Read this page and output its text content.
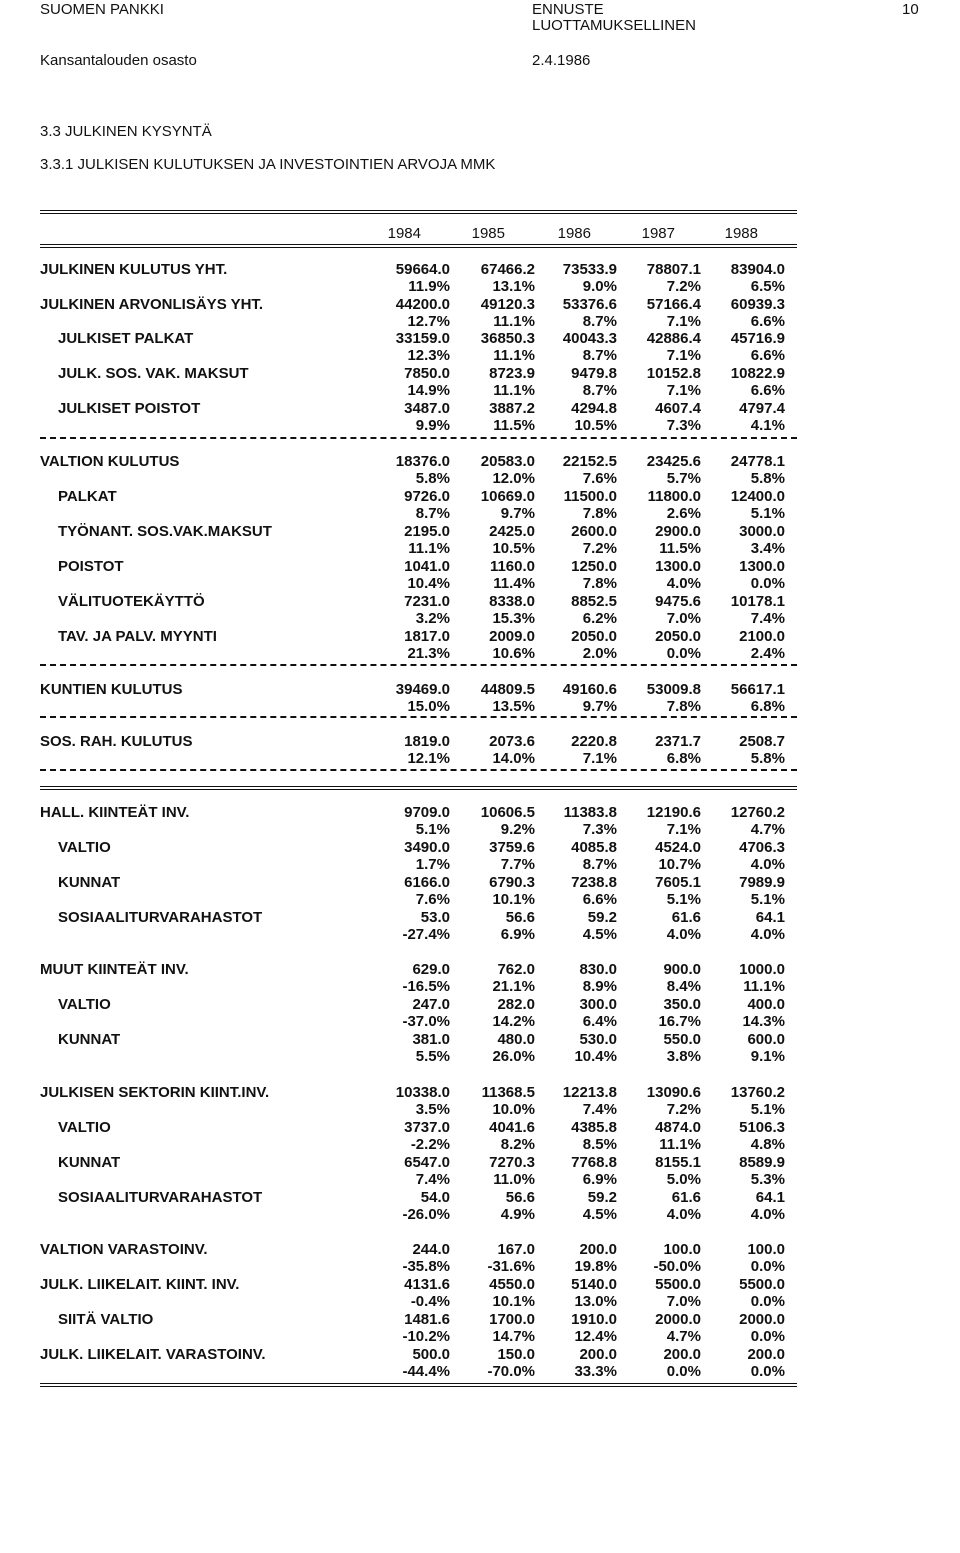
SUOMEN PANKKI	ENNUSTE
LUOTTAMUKSELLINEN
10
Kansantalouden osasto	2.4.1986
3.3 JULKINEN KYSYNTÄ
3.3.1 JULKISEN KULUTUKSEN JA INVESTOINTIEN ARVOJA MMK
1984	1985	1986	1987	1988
JULKINEN KULUTUS YHT.	59664.0	67466.2	73533.9	78807.1	83904.0
11.9%	13.1%	9.0%	7.2%	6.5%
JULKINEN ARVONLISÄYS YHT.	44200.0	49120.3	53376.6	57166.4	60939.3
12.7%	11.1%	8.7%	7.1%	6.6%
JULKISET PALKAT	33159.0	36850.3	40043.3	42886.4	45716.9
12.3%	11.1%	8.7%	7.1%	6.6%
JULK. SOS. VAK. MAKSUT	7850.0	8723.9	9479.8	10152.8	10822.9
14.9%	11.1%	8.7%	7.1%	6.6%
JULKISET POISTOT	3487.0	3887.2	4294.8	4607.4	4797.4
9.9%	11.5%	10.5%	7.3%	4.1%
VALTION KULUTUS	18376.0	20583.0	22152.5	23425.6	24778.1
5.8%	12.0%	7.6%	5.7%	5.8%
PALKAT	9726.0	10669.0	11500.0	11800.0	12400.0
8.7%	9.7%	7.8%	2.6%	5.1%
TYÖNANT. SOS.VAK.MAKSUT	2195.0	2425.0	2600.0	2900.0	3000.0
11.1%	10.5%	7.2%	11.5%	3.4%
POISTOT	1041.0	1160.0	1250.0	1300.0	1300.0
10.4%	11.4%	7.8%	4.0%	0.0%
VÄLITUOTEKÄYTTÖ	7231.0	8338.0	8852.5	9475.6	10178.1
3.2%	15.3%	6.2%	7.0%	7.4%
TAV. JA PALV. MYYNTI	1817.0	2009.0	2050.0	2050.0	2100.0
21.3%	10.6%	2.0%	0.0%	2.4%
KUNTIEN KULUTUS	39469.0	44809.5	49160.6	53009.8	56617.1
15.0%	13.5%	9.7%	7.8%	6.8%
SOS. RAH. KULUTUS	1819.0	2073.6	2220.8	2371.7	2508.7
12.1%	14.0%	7.1%	6.8%	5.8%
HALL. KIINTEÄT INV.	9709.0	10606.5	11383.8	12190.6	12760.2
5.1%	9.2%	7.3%	7.1%	4.7%
VALTIO	3490.0	3759.6	4085.8	4524.0	4706.3
1.7%	7.7%	8.7%	10.7%	4.0%
KUNNAT	6166.0	6790.3	7238.8	7605.1	7989.9
7.6%	10.1%	6.6%	5.1%	5.1%
SOSIAALITURVARAHASTOT	53.0	56.6	59.2	61.6	64.1
-27.4%	6.9%	4.5%	4.0%	4.0%
MUUT KIINTEÄT INV.	629.0	762.0	830.0	900.0	1000.0
-16.5%	21.1%	8.9%	8.4%	11.1%
VALTIO	247.0	282.0	300.0	350.0	400.0
-37.0%	14.2%	6.4%	16.7%	14.3%
KUNNAT	381.0	480.0	530.0	550.0	600.0
5.5%	26.0%	10.4%	3.8%	9.1%
JULKISEN SEKTORIN KIINT.INV.	10338.0	11368.5	12213.8	13090.6	13760.2
3.5%	10.0%	7.4%	7.2%	5.1%
VALTIO	3737.0	4041.6	4385.8	4874.0	5106.3
-2.2%	8.2%	8.5%	11.1%	4.8%
KUNNAT	6547.0	7270.3	7768.8	8155.1	8589.9
7.4%	11.0%	6.9%	5.0%	5.3%
SOSIAALITURVARAHASTOT	54.0	56.6	59.2	61.6	64.1
-26.0%	4.9%	4.5%	4.0%	4.0%
VALTION VARASTOINV.	244.0	167.0	200.0	100.0	100.0
-35.8%	-31.6%	19.8%	-50.0%	0.0%
JULK. LIIKELAIT. KIINT. INV.	4131.6	4550.0	5140.0	5500.0	5500.0
-0.4%	10.1%	13.0%	7.0%	0.0%
SIITÄ VALTIO	1481.6	1700.0	1910.0	2000.0	2000.0
-10.2%	14.7%	12.4%	4.7%	0.0%
JULK. LIIKELAIT. VARASTOINV.	500.0	150.0	200.0	200.0	200.0
-44.4%	-70.0%	33.3%	0.0%	0.0%
